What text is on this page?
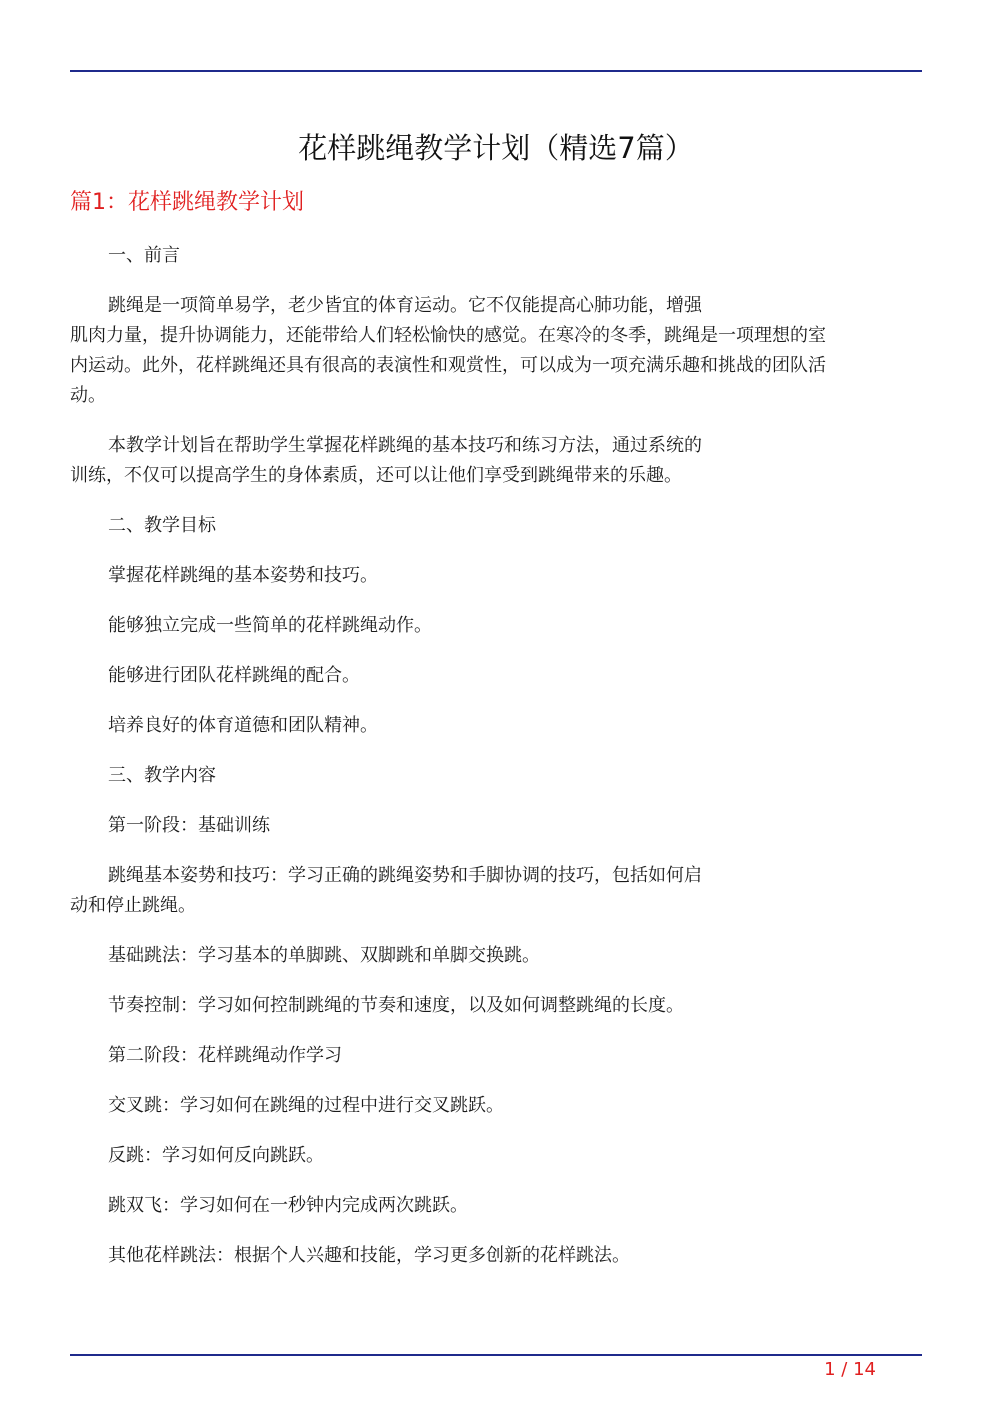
花样跳绳教学计划（精选7篇）
篇1：花样跳绳教学计划

一、前言

跳绳是一项简单易学，老少皆宜的体育运动。它不仅能提高心肺功能，增强
肌肉力量，提升协调能力，还能带给人们轻松愉快的感觉。在寒冷的冬季，跳绳是一项理想的室
内运动。此外，花样跳绳还具有很高的表演性和观赏性，可以成为一项充满乐趣和挑战的团队活
动。

本教学计划旨在帮助学生掌握花样跳绳的基本技巧和练习方法，通过系统的
训练，不仅可以提高学生的身体素质，还可以让他们享受到跳绳带来的乐趣。

二、教学目标

掌握花样跳绳的基本姿势和技巧。

能够独立完成一些简单的花样跳绳动作。

能够进行团队花样跳绳的配合。

培养良好的体育道德和团队精神。

三、教学内容

第一阶段：基础训练

跳绳基本姿势和技巧：学习正确的跳绳姿势和手脚协调的技巧，包括如何启
动和停止跳绳。

基础跳法：学习基本的单脚跳、双脚跳和单脚交换跳。

节奏控制：学习如何控制跳绳的节奏和速度，以及如何调整跳绳的长度。

第二阶段：花样跳绳动作学习

交叉跳：学习如何在跳绳的过程中进行交叉跳跃。

反跳：学习如何反向跳跃。

跳双飞：学习如何在一秒钟内完成两次跳跃。

其他花样跳法：根据个人兴趣和技能，学习更多创新的花样跳法。

1 / 14
